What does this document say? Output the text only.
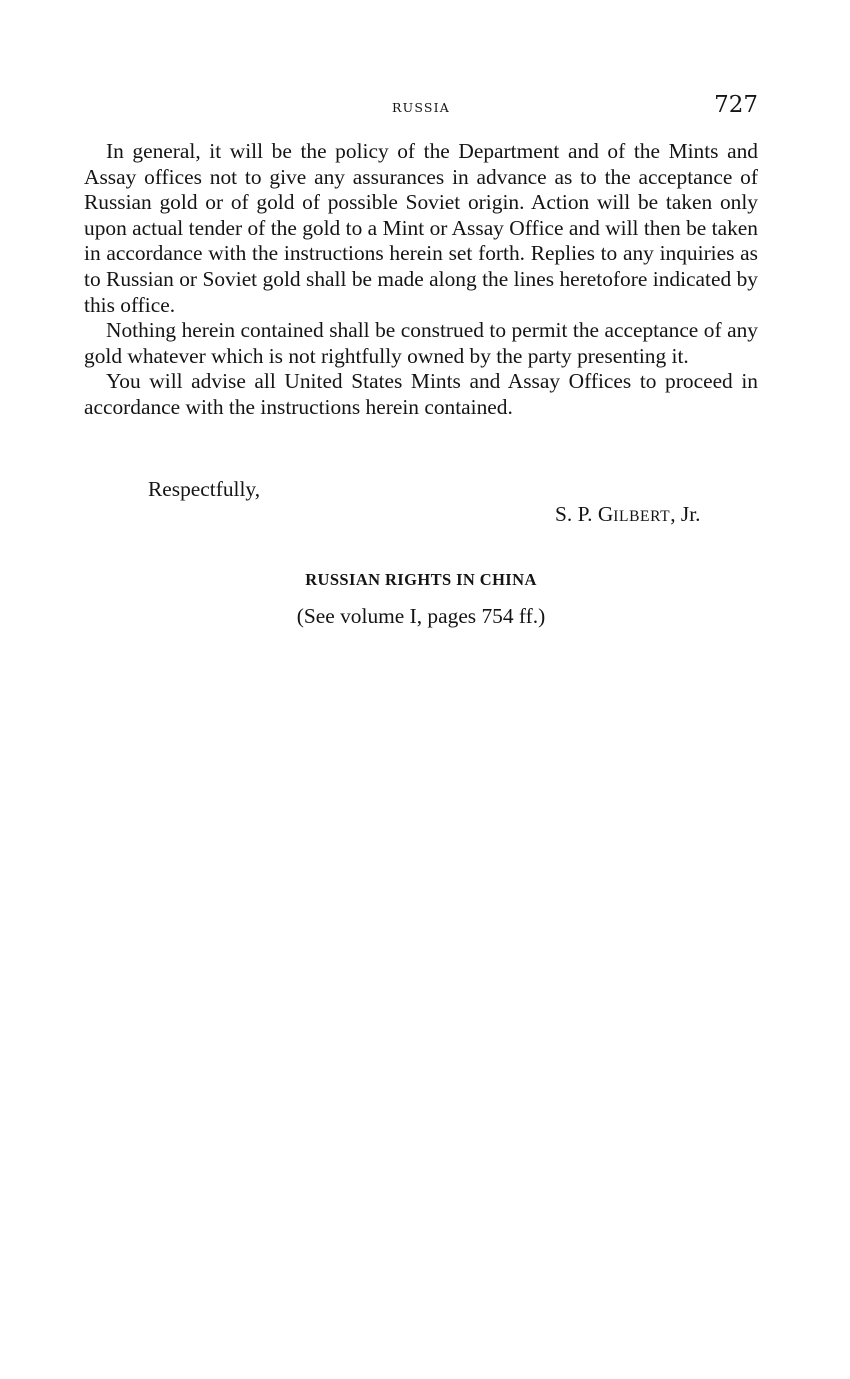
RUSSIA	727

In general, it will be the policy of the Department and of the Mints and Assay offices not to give any assurances in advance as to the acceptance of Russian gold or of gold of possible Soviet origin. Action will be taken only upon actual tender of the gold to a Mint or Assay Office and will then be taken in accordance with the instructions herein set forth. Replies to any inquiries as to Russian or Soviet gold shall be made along the lines heretofore indicated by this office.

Nothing herein contained shall be construed to permit the acceptance of any gold whatever which is not rightfully owned by the party presenting it.

You will advise all United States Mints and Assay Offices to proceed in accordance with the instructions herein contained.

Respectfully,
S. P. GILBERT, Jr.
RUSSIAN RIGHTS IN CHINA
(See volume I, pages 754 ff.)
